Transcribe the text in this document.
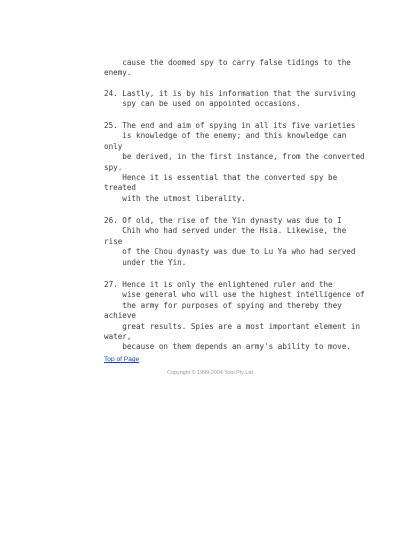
cause the doomed spy to carry false tidings to the
enemy.
24. Lastly, it is by his information that the surviving
spy can be used on appointed occasions.
25. The end and aim of spying in all its five varieties
is knowledge of the enemy; and this knowledge can
only
be derived, in the first instance, from the converted
spy.
Hence it is essential that the converted spy be
treated
with the utmost liberality.
26. Of old, the rise of the Yin dynasty was due to I
Chih who had served under the Hsia. Likewise, the
rise
of the Chou dynasty was due to Lu Ya who had served
under the Yin.
27. Hence it is only the enlightened ruler and the
wise general who will use the highest intelligence of
the army for purposes of spying and thereby they
achieve
great results. Spies are a most important element in
water,
because on them depends an army's ability to move.
Top of Page
Copyright © 1999-2004 Yoni Pty Ltd
